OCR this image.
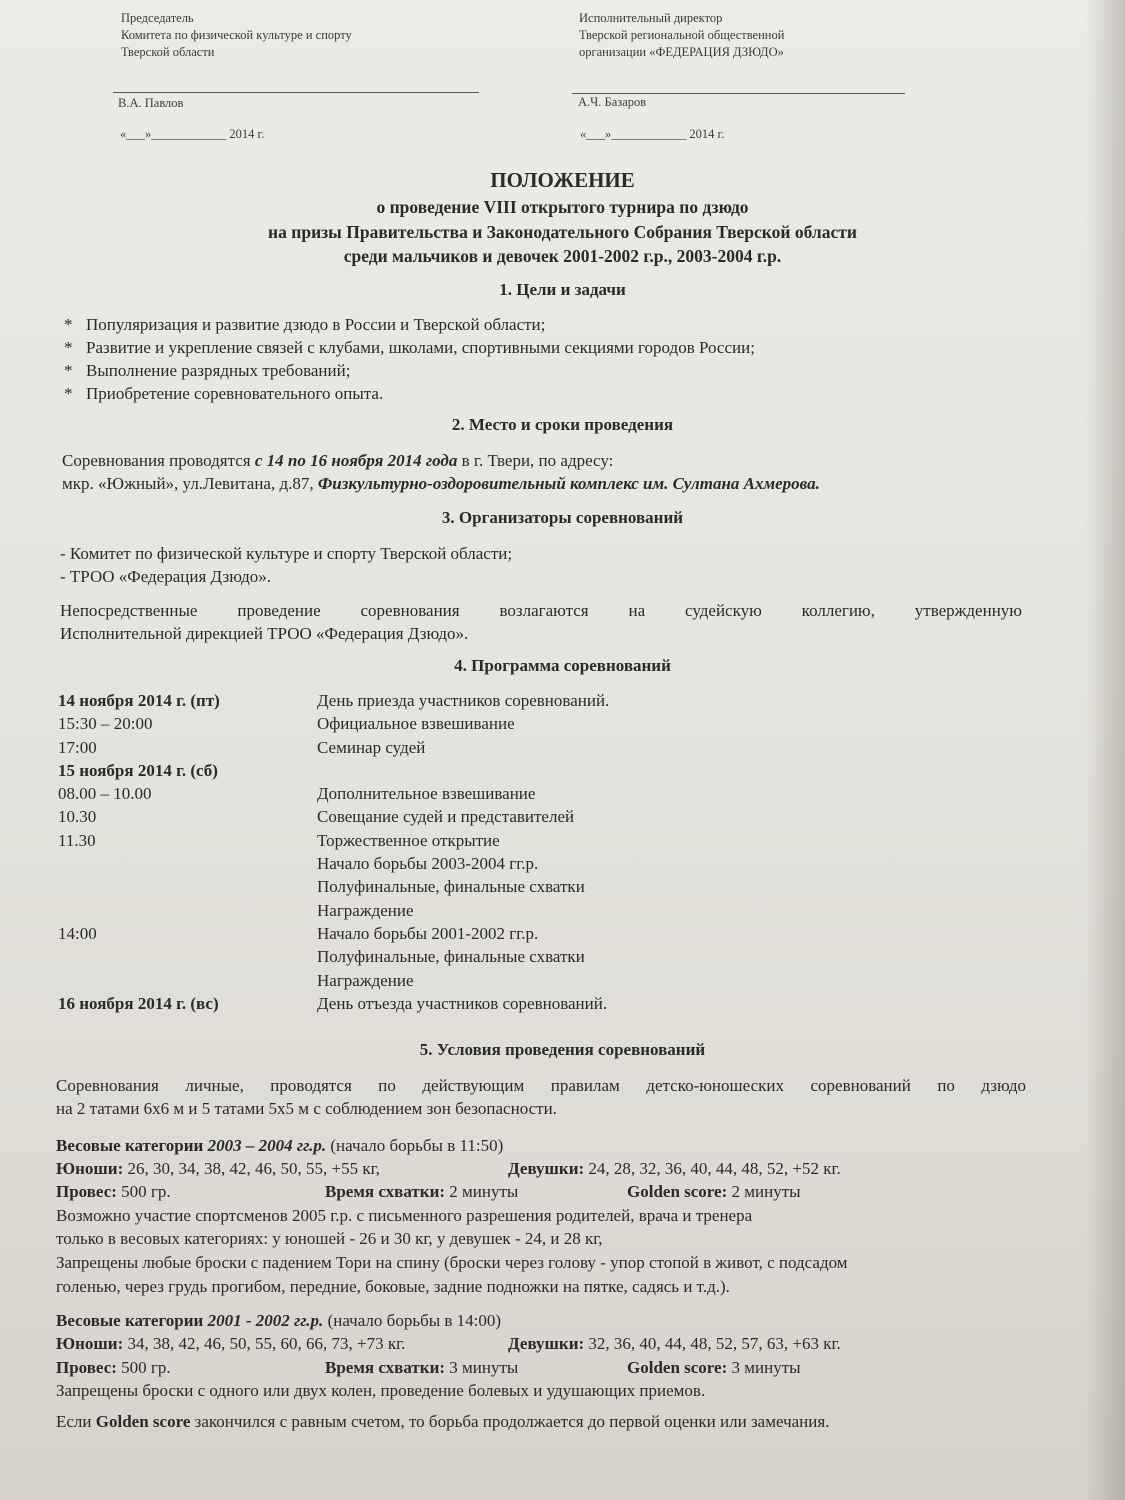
Председатель
Комитета по физической культуре и спорту
Тверской области
В.А. Павлов
«___»____________ 2014 г.
Исполнительный директор
Тверской региональной общественной
организации «ФЕДЕРАЦИЯ ДЗЮДО»
А.Ч. Базаров
«___»____________ 2014 г.
ПОЛОЖЕНИЕ
о проведение VIII открытого турнира по дзюдо
на призы Правительства и Законодательного Собрания Тверской области
среди мальчиков и девочек 2001-2002 г.р., 2003-2004 г.р.
1. Цели и задачи
* Популяризация и развитие дзюдо в России и Тверской области;
* Развитие и укрепление связей с клубами, школами, спортивными секциями городов России;
* Выполнение разрядных требований;
* Приобретение соревновательного опыта.
2. Место и сроки проведения
Соревнования проводятся с 14 по 16 ноября 2014 года в г. Твери, по адресу:
мкр. «Южный», ул.Левитана, д.87, Физкультурно-оздоровительный комплекс им. Султана Ахмерова.
3. Организаторы соревнований
- Комитет по физической культуре и спорту Тверской области;
- ТРОО «Федерация Дзюдо».
Непосредственные проведение соревнования возлагаются на судейскую коллегию, утвержденную
Исполнительной дирекцией ТРОО «Федерация Дзюдо».
4. Программа соревнований
14 ноября 2014 г. (пт)	День приезда участников соревнований.
15:30 – 20:00	Официальное взвешивание
17:00	Семинар судей
15 ноября 2014 г. (сб)
08.00 – 10.00	Дополнительное взвешивание
10.30	Совещание судей и представителей
11.30	Торжественное открытие
Начало борьбы 2003-2004 гг.р.
Полуфинальные, финальные схватки
Награждение
14:00	Начало борьбы 2001-2002 гг.р.
Полуфинальные, финальные схватки
Награждение
16 ноября 2014 г. (вс)	День отъезда участников соревнований.
5. Условия проведения соревнований
Соревнования личные, проводятся по действующим правилам детско-юношеских соревнований по дзюдо
на 2 татами 6х6 м и 5 татами 5х5 м с соблюдением зон безопасности.
Весовые категории 2003 – 2004 гг.р. (начало борьбы в 11:50)
Юноши: 26, 30, 34, 38, 42, 46, 50, 55, +55 кг,	Девушки: 24, 28, 32, 36, 40, 44, 48, 52, +52 кг.
Провес: 500 гр.	Время схватки: 2 минуты	Golden score: 2 минуты
Возможно участие спортсменов 2005 г.р. с письменного разрешения родителей, врача и тренера
только в весовых категориях: у юношей - 26 и 30 кг, у девушек - 24, и 28 кг,
Запрещены любые броски с падением Тори на спину (броски через голову - упор стопой в живот, с подсадом
голенью, через грудь прогибом, передние, боковые, задние подножки на пятке, садясь и т.д.).
Весовые категории 2001 - 2002 гг.р. (начало борьбы в 14:00)
Юноши: 34, 38, 42, 46, 50, 55, 60, 66, 73, +73 кг.	Девушки: 32, 36, 40, 44, 48, 52, 57, 63, +63 кг.
Провес: 500 гр.	Время схватки: 3 минуты	Golden score: 3 минуты
Запрещены броски с одного или двух колен, проведение болевых и удушающих приемов.
Если Golden score закончился с равным счетом, то борьба продолжается до первой оценки или замечания.
